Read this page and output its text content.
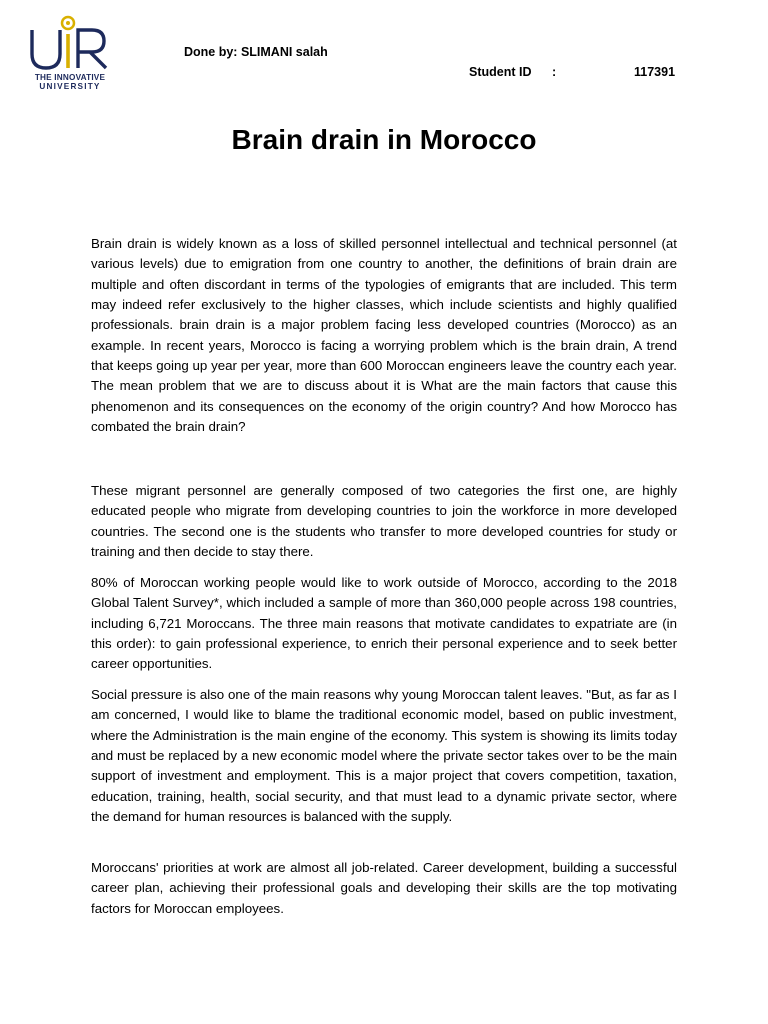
THE INNOVATIVE
UNIVERSITY
Done by: SLIMANI salah
Student ID :	117391
Brain drain in Morocco

Brain drain is widely known as a loss of skilled personnel intellectual and technical personnel (at various levels) due to emigration from one country to another, the definitions of brain drain are multiple and often discordant in terms of the typologies of emigrants that are included. This term may indeed refer exclusively to the higher classes, which include scientists and highly qualified professionals. brain drain is a major problem facing less developed countries (Morocco) as an example. In recent years, Morocco is facing a worrying problem which is the brain drain, A trend that keeps going up year per year, more than 600 Moroccan engineers leave the country each year. The mean problem that we are to discuss about it is What are the main factors that cause this phenomenon and its consequences on the economy of the origin country? And how Morocco has combated the brain drain?

These migrant personnel are generally composed of two categories the first one, are highly educated people who migrate from developing countries to join the workforce in more developed countries. The second one is the students who transfer to more developed countries for study or training and then decide to stay there.

80% of Moroccan working people would like to work outside of Morocco, according to the 2018 Global Talent Survey*, which included a sample of more than 360,000 people across 198 countries, including 6,721 Moroccans. The three main reasons that motivate candidates to expatriate are (in this order): to gain professional experience, to enrich their personal experience and to seek better career opportunities.

Social pressure is also one of the main reasons why young Moroccan talent leaves. "But, as far as I am concerned, I would like to blame the traditional economic model, based on public investment, where the Administration is the main engine of the economy. This system is showing its limits today and must be replaced by a new economic model where the private sector takes over to be the main support of investment and employment. This is a major project that covers competition, taxation, education, training, health, social security, and that must lead to a dynamic private sector, where the demand for human resources is balanced with the supply.

Moroccans' priorities at work are almost all job-related. Career development, building a successful career plan, achieving their professional goals and developing their skills are the top motivating factors for Moroccan employees.
